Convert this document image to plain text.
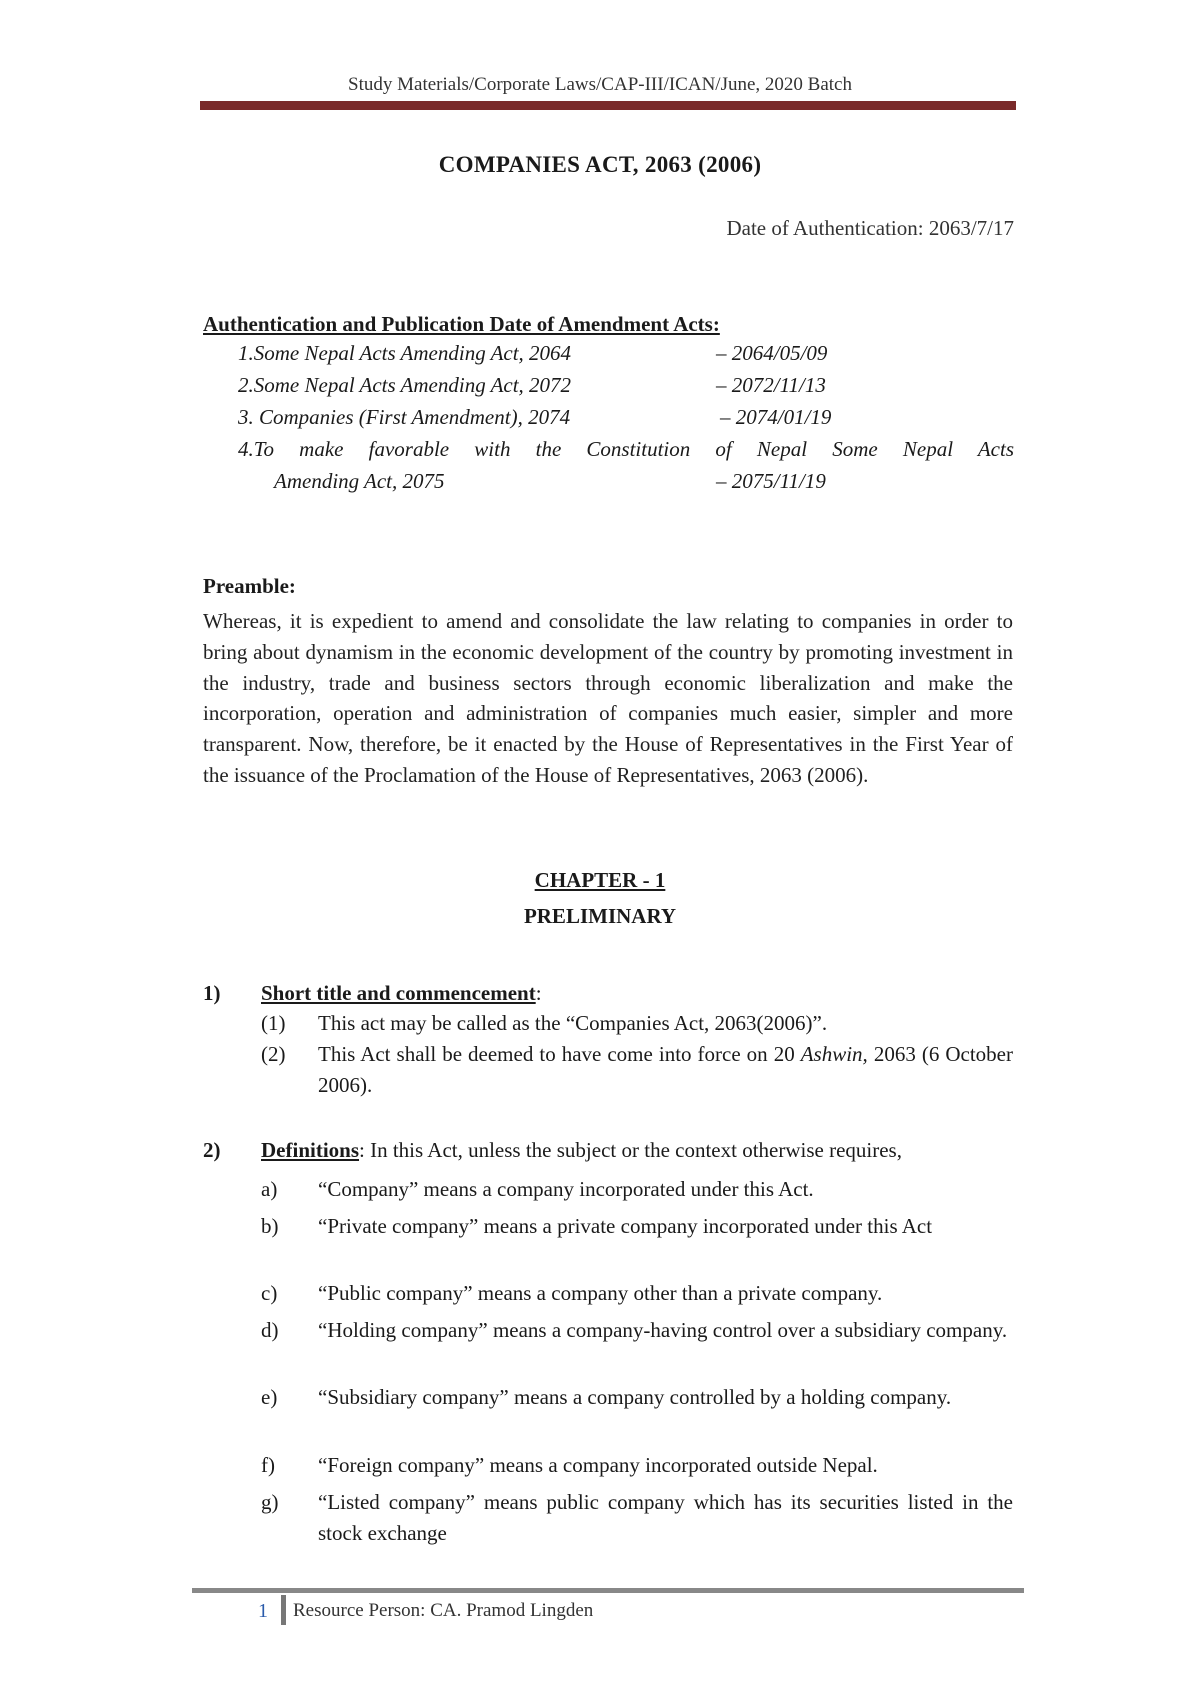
Study Materials/Corporate Laws/CAP-III/ICAN/June, 2020 Batch
COMPANIES ACT, 2063 (2006)
Date of Authentication: 2063/7/17
Authentication and Publication Date of Amendment Acts:
1.Some Nepal Acts Amending Act, 2064	– 2064/05/09
2.Some Nepal Acts Amending Act, 2072	– 2072/11/13
3. Companies (First Amendment), 2074	– 2074/01/19
4.To make favorable with the Constitution of Nepal Some Nepal Acts
Amending Act, 2075	– 2075/11/19
Preamble:
Whereas, it is expedient to amend and consolidate the law relating to companies in order to bring about dynamism in the economic development of the country by promoting investment in the industry, trade and business sectors through economic liberalization and make the incorporation, operation and administration of companies much easier, simpler and more transparent. Now, therefore, be it enacted by the House of Representatives in the First Year of the issuance of the Proclamation of the House of Representatives, 2063 (2006).
CHAPTER - 1
PRELIMINARY
1) Short title and commencement:
(1) This act may be called as the “Companies Act, 2063(2006)”.
(2) This Act shall be deemed to have come into force on 20 Ashwin, 2063 (6 October 2006).
2) Definitions: In this Act, unless the subject or the context otherwise requires,
a) “Company” means a company incorporated under this Act.
b) “Private company” means a private company incorporated under this Act
c) “Public company” means a company other than a private company.
d) “Holding company” means a company-having control over a subsidiary company.
e) “Subsidiary company” means a company controlled by a holding company.
f) “Foreign company” means a company incorporated outside Nepal.
g) “Listed company” means public company which has its securities listed in the stock exchange
1 Resource Person: CA. Pramod Lingden
